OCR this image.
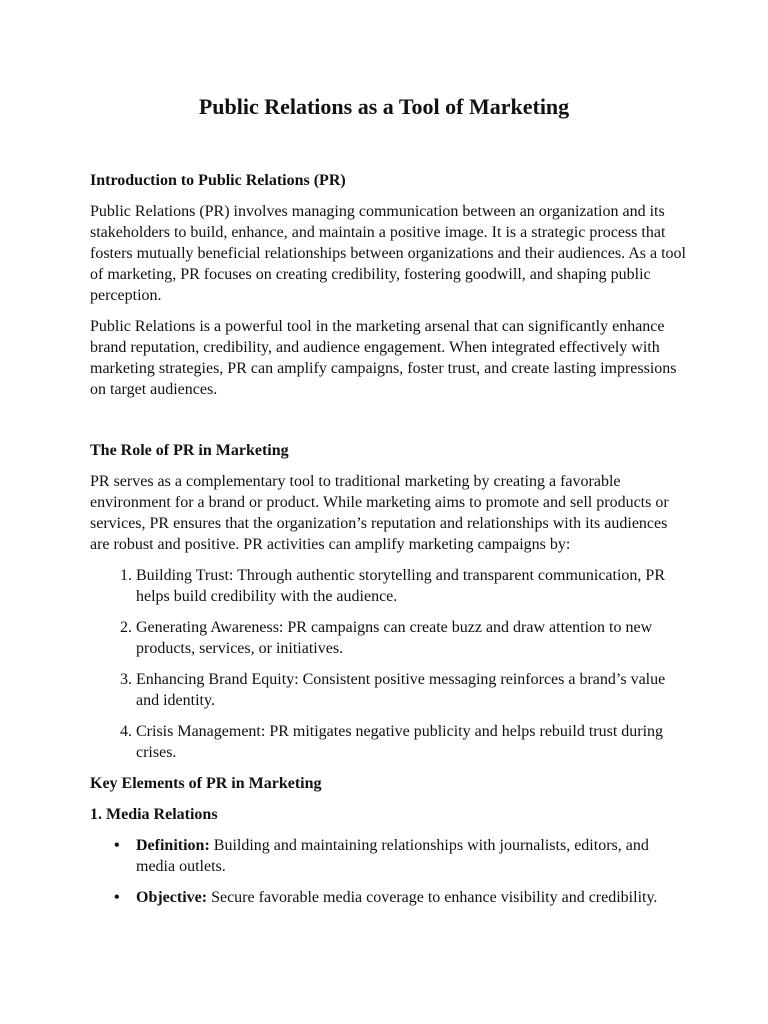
Public Relations as a Tool of Marketing
Introduction to Public Relations (PR)

Public Relations (PR) involves managing communication between an organization and its stakeholders to build, enhance, and maintain a positive image. It is a strategic process that fosters mutually beneficial relationships between organizations and their audiences. As a tool of marketing, PR focuses on creating credibility, fostering goodwill, and shaping public perception.

Public Relations is a powerful tool in the marketing arsenal that can significantly enhance brand reputation, credibility, and audience engagement. When integrated effectively with marketing strategies, PR can amplify campaigns, foster trust, and create lasting impressions on target audiences.

The Role of PR in Marketing

PR serves as a complementary tool to traditional marketing by creating a favorable environment for a brand or product. While marketing aims to promote and sell products or services, PR ensures that the organization’s reputation and relationships with its audiences are robust and positive. PR activities can amplify marketing campaigns by:

1. Building Trust: Through authentic storytelling and transparent communication, PR helps build credibility with the audience.
2. Generating Awareness: PR campaigns can create buzz and draw attention to new products, services, or initiatives.
3. Enhancing Brand Equity: Consistent positive messaging reinforces a brand’s value and identity.
4. Crisis Management: PR mitigates negative publicity and helps rebuild trust during crises.
Key Elements of PR in Marketing
1. Media Relations
• Definition: Building and maintaining relationships with journalists, editors, and media outlets.
• Objective: Secure favorable media coverage to enhance visibility and credibility.
